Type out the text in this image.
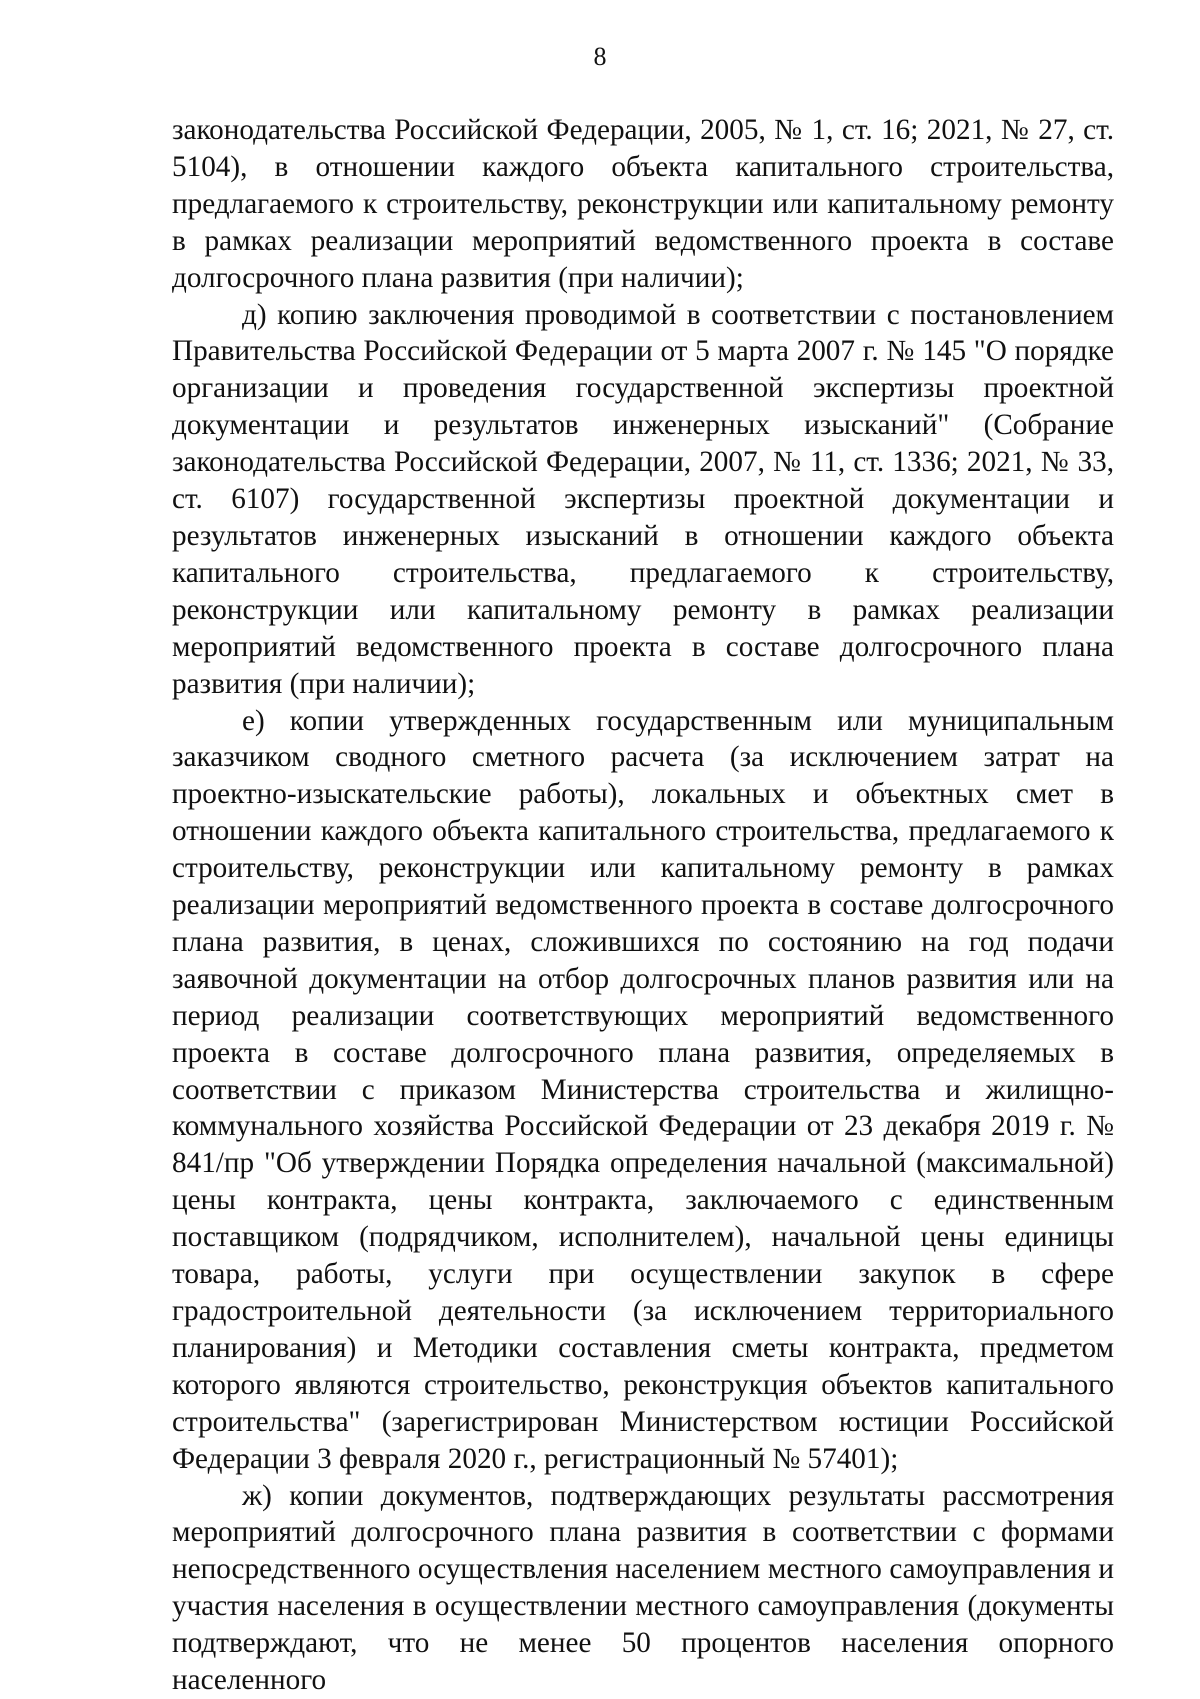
8

законодательства Российской Федерации, 2005, № 1, ст. 16; 2021, № 27, ст. 5104), в отношении каждого объекта капитального строительства, предлагаемого к строительству, реконструкции или капитальному ремонту в рамках реализации мероприятий ведомственного проекта в составе долгосрочного плана развития (при наличии);

д) копию заключения проводимой в соответствии с постановлением Правительства Российской Федерации от 5 марта 2007 г. № 145 "О порядке организации и проведения государственной экспертизы проектной документации и результатов инженерных изысканий" (Собрание законодательства Российской Федерации, 2007, № 11, ст. 1336; 2021, № 33, ст. 6107) государственной экспертизы проектной документации и результатов инженерных изысканий в отношении каждого объекта капитального строительства, предлагаемого к строительству, реконструкции или капитальному ремонту в рамках реализации мероприятий ведомственного проекта в составе долгосрочного плана развития (при наличии);

е) копии утвержденных государственным или муниципальным заказчиком сводного сметного расчета (за исключением затрат на проектно-изыскательские работы), локальных и объектных смет в отношении каждого объекта капитального строительства, предлагаемого к строительству, реконструкции или капитальному ремонту в рамках реализации мероприятий ведомственного проекта в составе долгосрочного плана развития, в ценах, сложившихся по состоянию на год подачи заявочной документации на отбор долгосрочных планов развития или на период реализации соответствующих мероприятий ведомственного проекта в составе долгосрочного плана развития, определяемых в соответствии с приказом Министерства строительства и жилищно-коммунального хозяйства Российской Федерации от 23 декабря 2019 г. № 841/пр "Об утверждении Порядка определения начальной (максимальной) цены контракта, цены контракта, заключаемого с единственным поставщиком (подрядчиком, исполнителем), начальной цены единицы товара, работы, услуги при осуществлении закупок в сфере градостроительной деятельности (за исключением территориального планирования) и Методики составления сметы контракта, предметом которого являются строительство, реконструкция объектов капитального строительства" (зарегистрирован Министерством юстиции Российской Федерации 3 февраля 2020 г., регистрационный № 57401);

ж) копии документов, подтверждающих результаты рассмотрения мероприятий долгосрочного плана развития в соответствии с формами непосредственного осуществления населением местного самоуправления и участия населения в осуществлении местного самоуправления (документы подтверждают, что не менее 50 процентов населения опорного населенного
